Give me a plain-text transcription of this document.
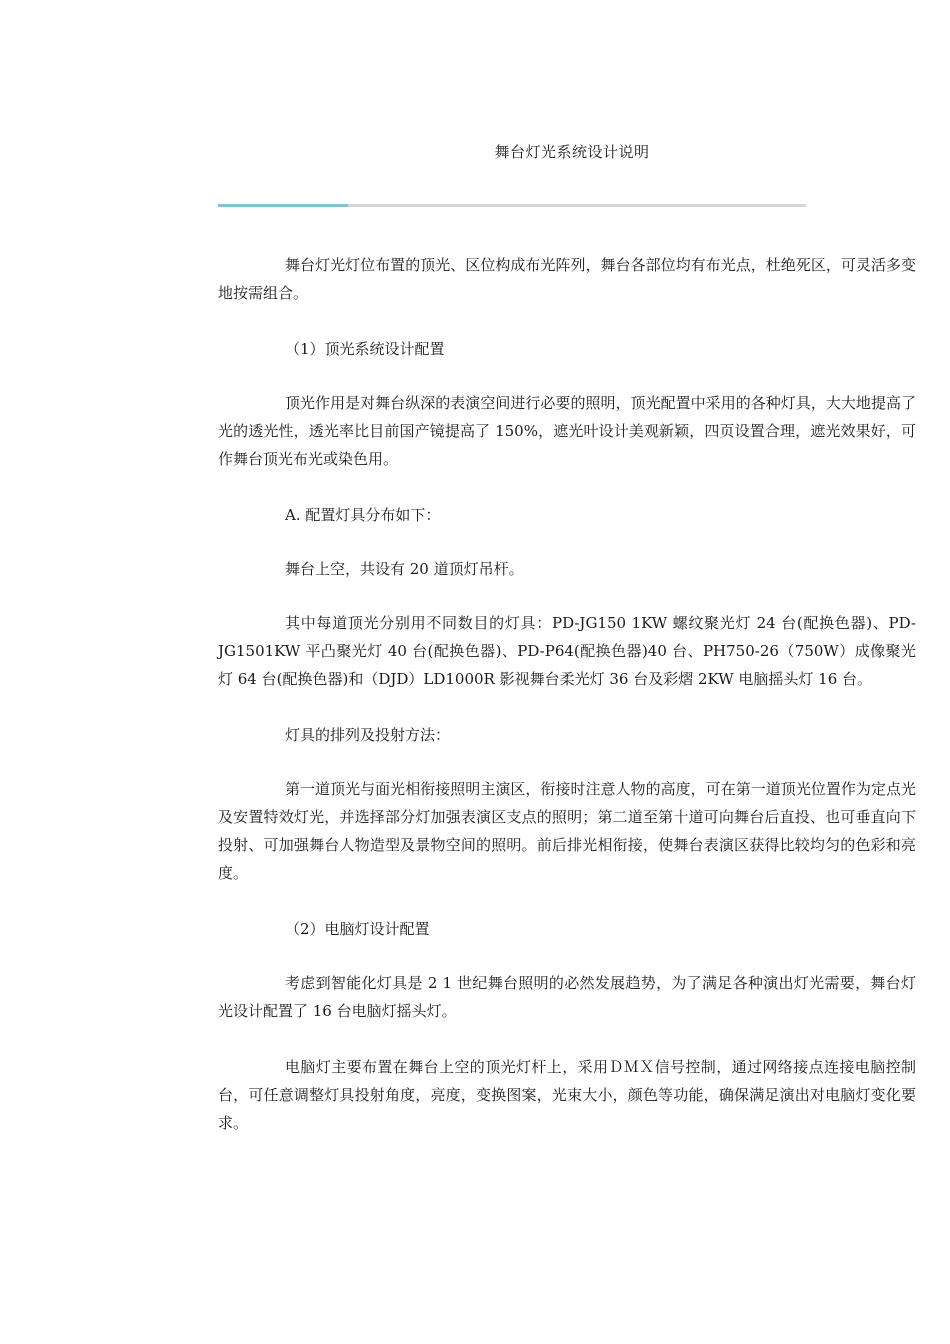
舞台灯光系统设计说明

舞台灯光灯位布置的顶光、区位构成布光阵列，舞台各部位均有布光点，杜绝死区，可灵活多变地按需组合。

（1）顶光系统设计配置

顶光作用是对舞台纵深的表演空间进行必要的照明，顶光配置中采用的各种灯具，大大地提高了光的透光性，透光率比目前国产镜提高了 150%，遮光叶设计美观新颖，四页设置合理，遮光效果好，可作舞台顶光布光或染色用。

A. 配置灯具分布如下：

舞台上空，共设有 20 道顶灯吊杆。

其中每道顶光分别用不同数目的灯具：PD-JG150 1KW 螺纹聚光灯 24 台(配换色器)、PD-JG1501KW 平凸聚光灯 40 台(配换色器)、PD-P64(配换色器)40 台、PH750-26（750W）成像聚光灯 64 台(配换色器)和（DJD）LD1000R 影视舞台柔光灯 36 台及彩熠 2KW 电脑摇头灯 16 台。

灯具的排列及投射方法：

第一道顶光与面光相衔接照明主演区，衔接时注意人物的高度，可在第一道顶光位置作为定点光及安置特效灯光，并选择部分灯加强表演区支点的照明；第二道至第十道可向舞台后直投、也可垂直向下投射、可加强舞台人物造型及景物空间的照明。前后排光相衔接，使舞台表演区获得比较均匀的色彩和亮度。

（2）电脑灯设计配置

考虑到智能化灯具是 2 1 世纪舞台照明的必然发展趋势，为了满足各种演出灯光需要，舞台灯光设计配置了 16 台电脑灯摇头灯。

电脑灯主要布置在舞台上空的顶光灯杆上，采用ＤＭＸ信号控制，通过网络接点连接电脑控制台，可任意调整灯具投射角度，亮度，变换图案，光束大小，颜色等功能，确保满足演出对电脑灯变化要求。
